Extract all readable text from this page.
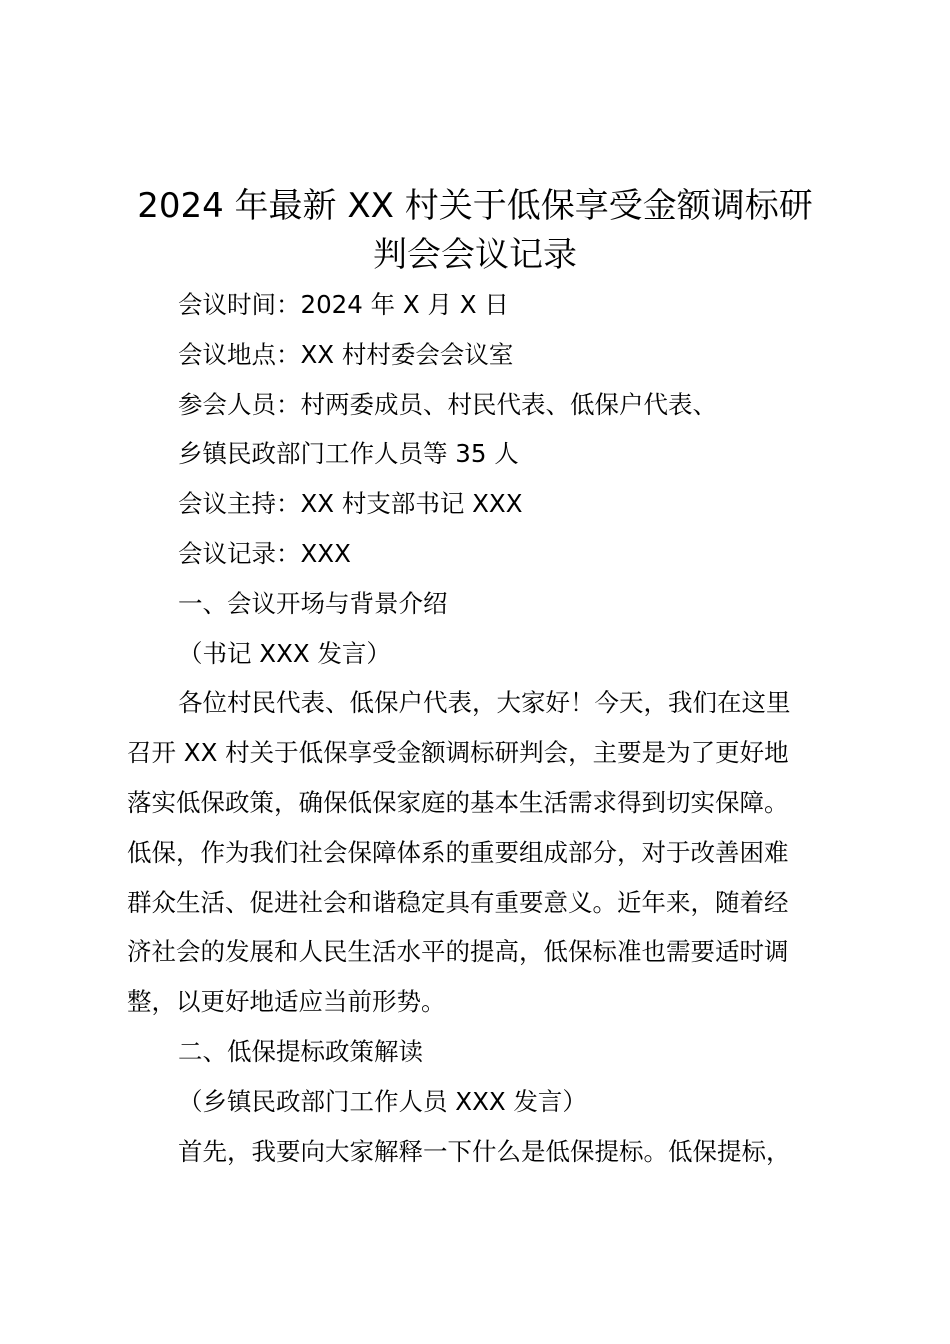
2024 年最新 XX 村关于低保享受金额调标研
判会会议记录
会议时间：2024 年 X 月 X 日
会议地点：XX 村村委会会议室
参会人员：村两委成员、村民代表、低保户代表、
乡镇民政部门工作人员等 35 人
会议主持：XX 村支部书记 XXX
会议记录：XXX
一、会议开场与背景介绍
（书记 XXX 发言）
各位村民代表、低保户代表，大家好！今天，我们在这里
召开 XX 村关于低保享受金额调标研判会，主要是为了更好地
落实低保政策，确保低保家庭的基本生活需求得到切实保障。
低保，作为我们社会保障体系的重要组成部分，对于改善困难
群众生活、促进社会和谐稳定具有重要意义。近年来，随着经
济社会的发展和人民生活水平的提高，低保标准也需要适时调
整，以更好地适应当前形势。
二、低保提标政策解读
（乡镇民政部门工作人员 XXX 发言）
首先，我要向大家解释一下什么是低保提标。低保提标，
